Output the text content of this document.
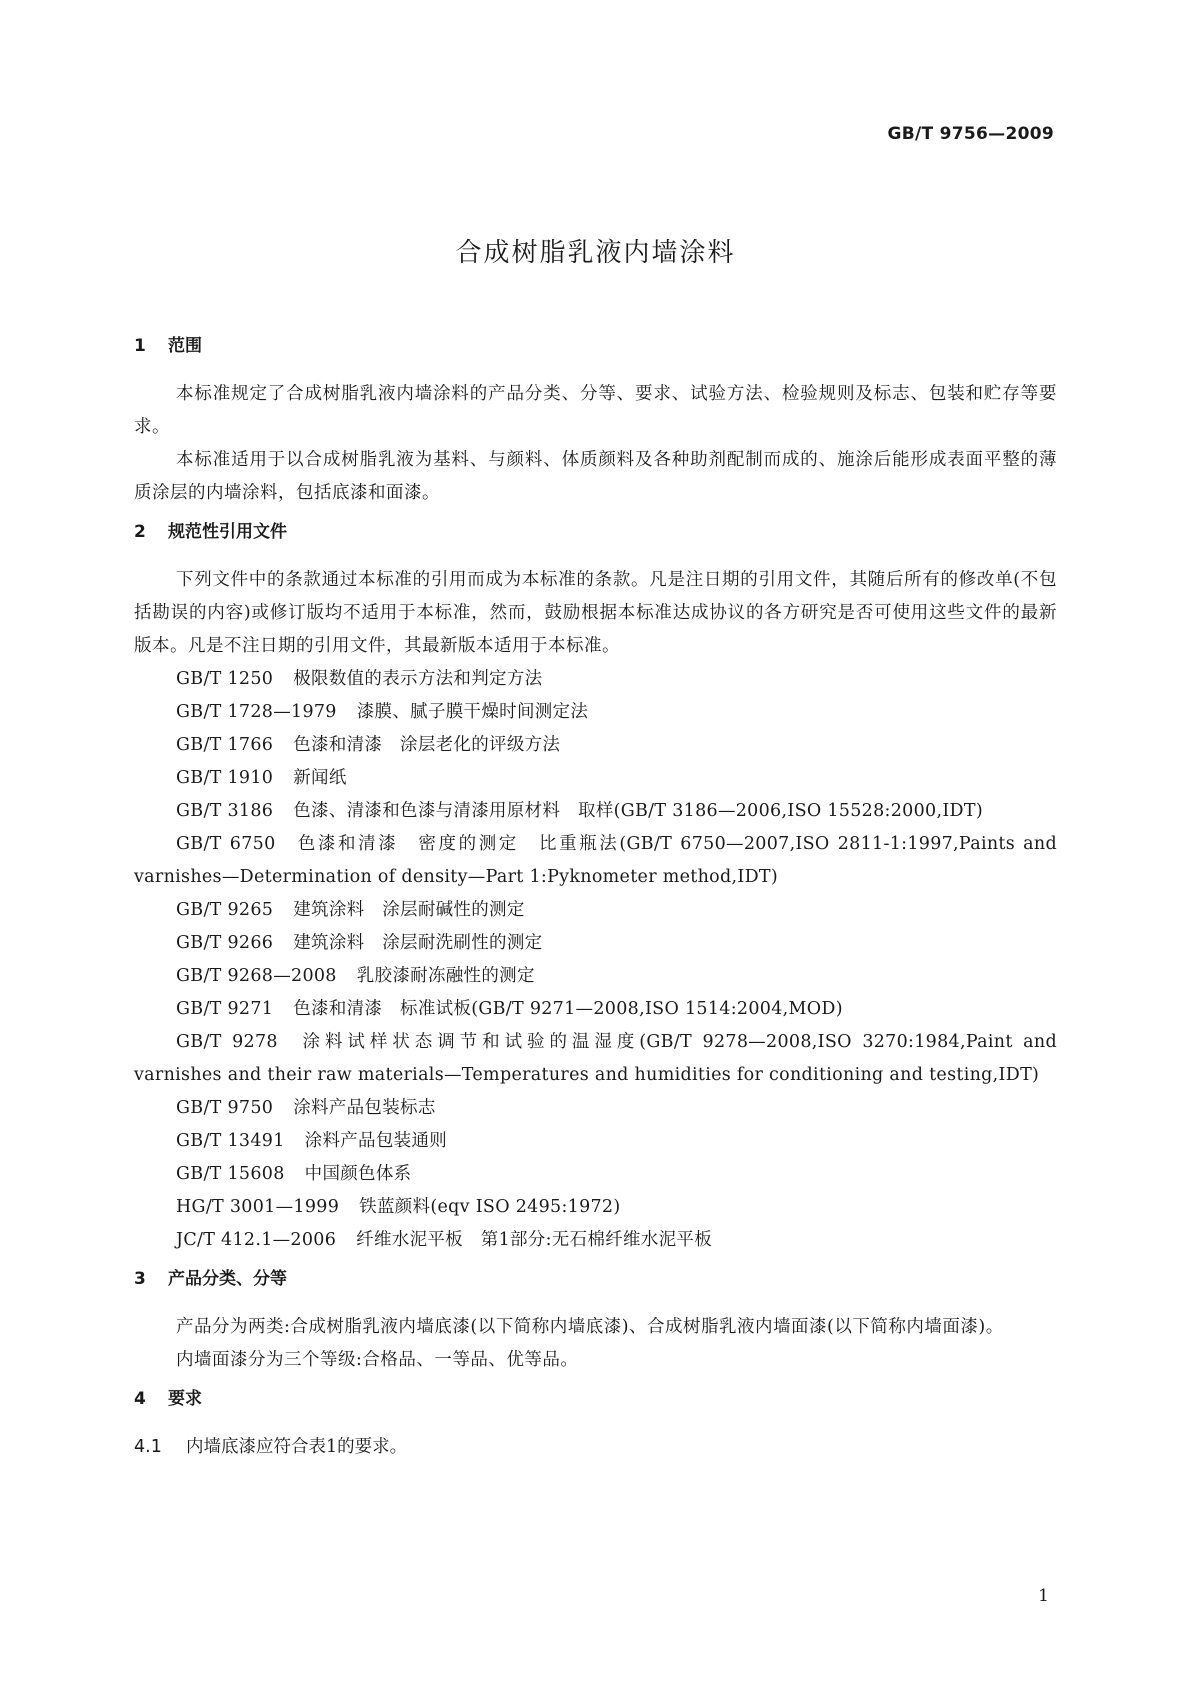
GB/T 9756—2009
合成树脂乳液内墙涂料
1 范围

本标准规定了合成树脂乳液内墙涂料的产品分类、分等、要求、试验方法、检验规则及标志、包装和贮存等要求。

本标准适用于以合成树脂乳液为基料、与颜料、体质颜料及各种助剂配制而成的、施涂后能形成表面平整的薄质涂层的内墙涂料，包括底漆和面漆。

2 规范性引用文件

下列文件中的条款通过本标准的引用而成为本标准的条款。凡是注日期的引用文件，其随后所有的修改单(不包括勘误的内容)或修订版均不适用于本标准，然而，鼓励根据本标准达成协议的各方研究是否可使用这些文件的最新版本。凡是不注日期的引用文件，其最新版本适用于本标准。

GB/T 1250 极限数值的表示方法和判定方法

GB/T 1728—1979 漆膜、腻子膜干燥时间测定法

GB/T 1766 色漆和清漆　涂层老化的评级方法

GB/T 1910 新闻纸

GB/T 3186 色漆、清漆和色漆与清漆用原材料　取样(GB/T 3186—2006,ISO 15528:2000,IDT)

GB/T 6750 色漆和清漆　密度的测定　比重瓶法(GB/T 6750—2007,ISO 2811-1:1997,Paints and varnishes—Determination of density—Part 1:Pyknometer method,IDT)

GB/T 9265 建筑涂料　涂层耐碱性的测定

GB/T 9266 建筑涂料　涂层耐洗刷性的测定

GB/T 9268—2008 乳胶漆耐冻融性的测定

GB/T 9271 色漆和清漆　标准试板(GB/T 9271—2008,ISO 1514:2004,MOD)

GB/T 9278 涂料试样状态调节和试验的温湿度(GB/T 9278—2008,ISO 3270:1984,Paint and varnishes and their raw materials—Temperatures and humidities for conditioning and testing,IDT)

GB/T 9750 涂料产品包装标志

GB/T 13491 涂料产品包装通则

GB/T 15608 中国颜色体系

HG/T 3001—1999 铁蓝颜料(eqv ISO 2495:1972)

JC/T 412.1—2006 纤维水泥平板　第1部分:无石棉纤维水泥平板

3 产品分类、分等

产品分为两类:合成树脂乳液内墙底漆(以下简称内墙底漆)、合成树脂乳液内墙面漆(以下简称内墙面漆)。

内墙面漆分为三个等级:合格品、一等品、优等品。

4 要求

4.1 内墙底漆应符合表1的要求。

1
